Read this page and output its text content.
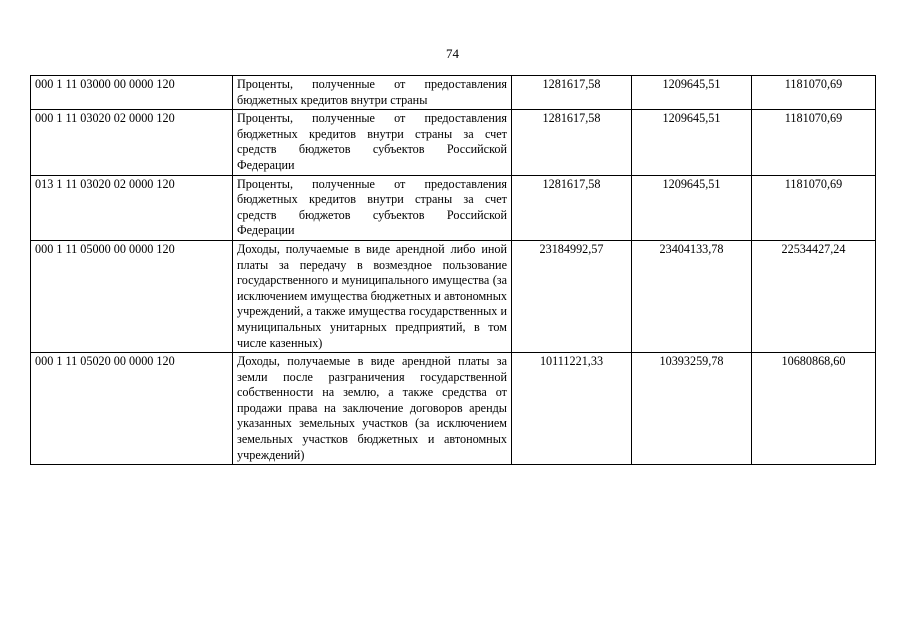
74
000 1 11 03000 00 0000 120	Проценты, полученные от предоставления бюджетных кредитов внутри страны	1281617,58	1209645,51	1181070,69
000 1 11 03020 02 0000 120	Проценты, полученные от предоставления бюджетных кредитов внутри страны за счет средств бюджетов субъектов Российской Федерации	1281617,58	1209645,51	1181070,69
013 1 11 03020 02 0000 120	Проценты, полученные от предоставления бюджетных кредитов внутри страны за счет средств бюджетов субъектов Российской Федерации	1281617,58	1209645,51	1181070,69
000 1 11 05000 00 0000 120	Доходы, получаемые в виде арендной либо иной платы за передачу в возмездное пользование государственного и муниципального имущества (за исключением имущества бюджетных и автономных учреждений, а также имущества государственных и муниципальных унитарных предприятий, в том числе казенных)	23184992,57	23404133,78	22534427,24
000 1 11 05020 00 0000 120	Доходы, получаемые в виде арендной платы за земли после разграничения государственной собственности на землю, а также средства от продажи права на заключение договоров аренды указанных земельных участков (за исключением земельных участков бюджетных и автономных учреждений)	10111221,33	10393259,78	10680868,60
